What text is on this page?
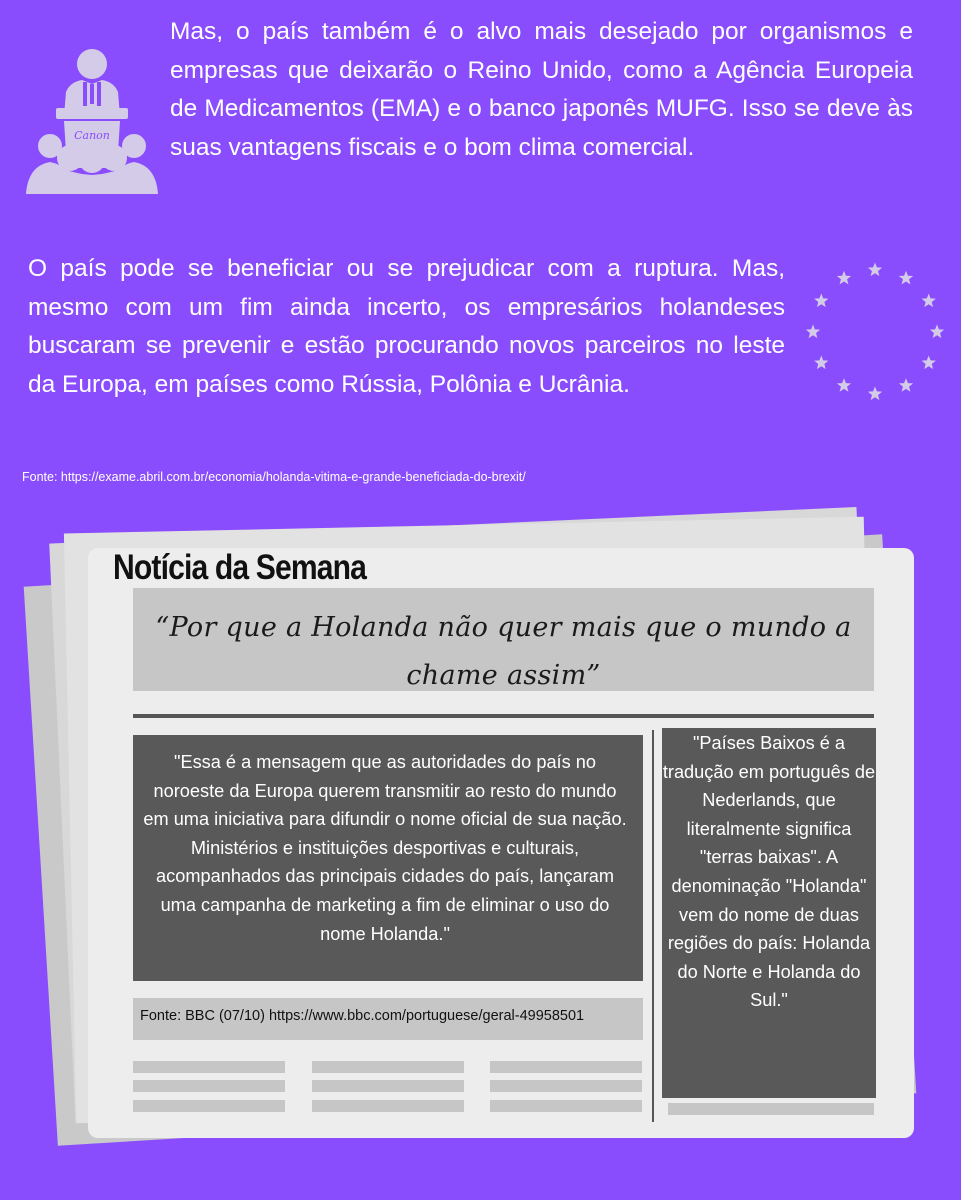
Canon

Mas, o país também é o alvo mais desejado por organismos e empresas que deixarão o Reino Unido, como a Agência Europeia de Medicamentos (EMA) e o banco japonês MUFG. Isso se deve às suas vantagens fiscais e o bom clima comercial.

O país pode se beneficiar ou se prejudicar com a ruptura. Mas, mesmo com um fim ainda incerto, os empresários holandeses buscaram se prevenir e estão procurando novos parceiros no leste da Europa, em países como Rússia, Polônia e Ucrânia.

Fonte: https://exame.abril.com.br/economia/holanda-vitima-e-grande-beneficiada-do-brexit/
Notícia da Semana
“Por que a Holanda não quer mais que o mundo a chame assim”
"Essa é a mensagem que as autoridades do país no noroeste da Europa querem transmitir ao resto do mundo em uma iniciativa para difundir o nome oficial de sua nação. Ministérios e instituições desportivas e culturais, acompanhados das principais cidades do país, lançaram uma campanha de marketing a fim de eliminar o uso do nome Holanda."
Fonte: BBC (07/10) https://www.bbc.com/portuguese/geral-49958501
"Países Baixos é a tradução em português de Nederlands, que literalmente significa "terras baixas". A denominação "Holanda" vem do nome de duas regiões do país: Holanda do Norte e Holanda do Sul."
